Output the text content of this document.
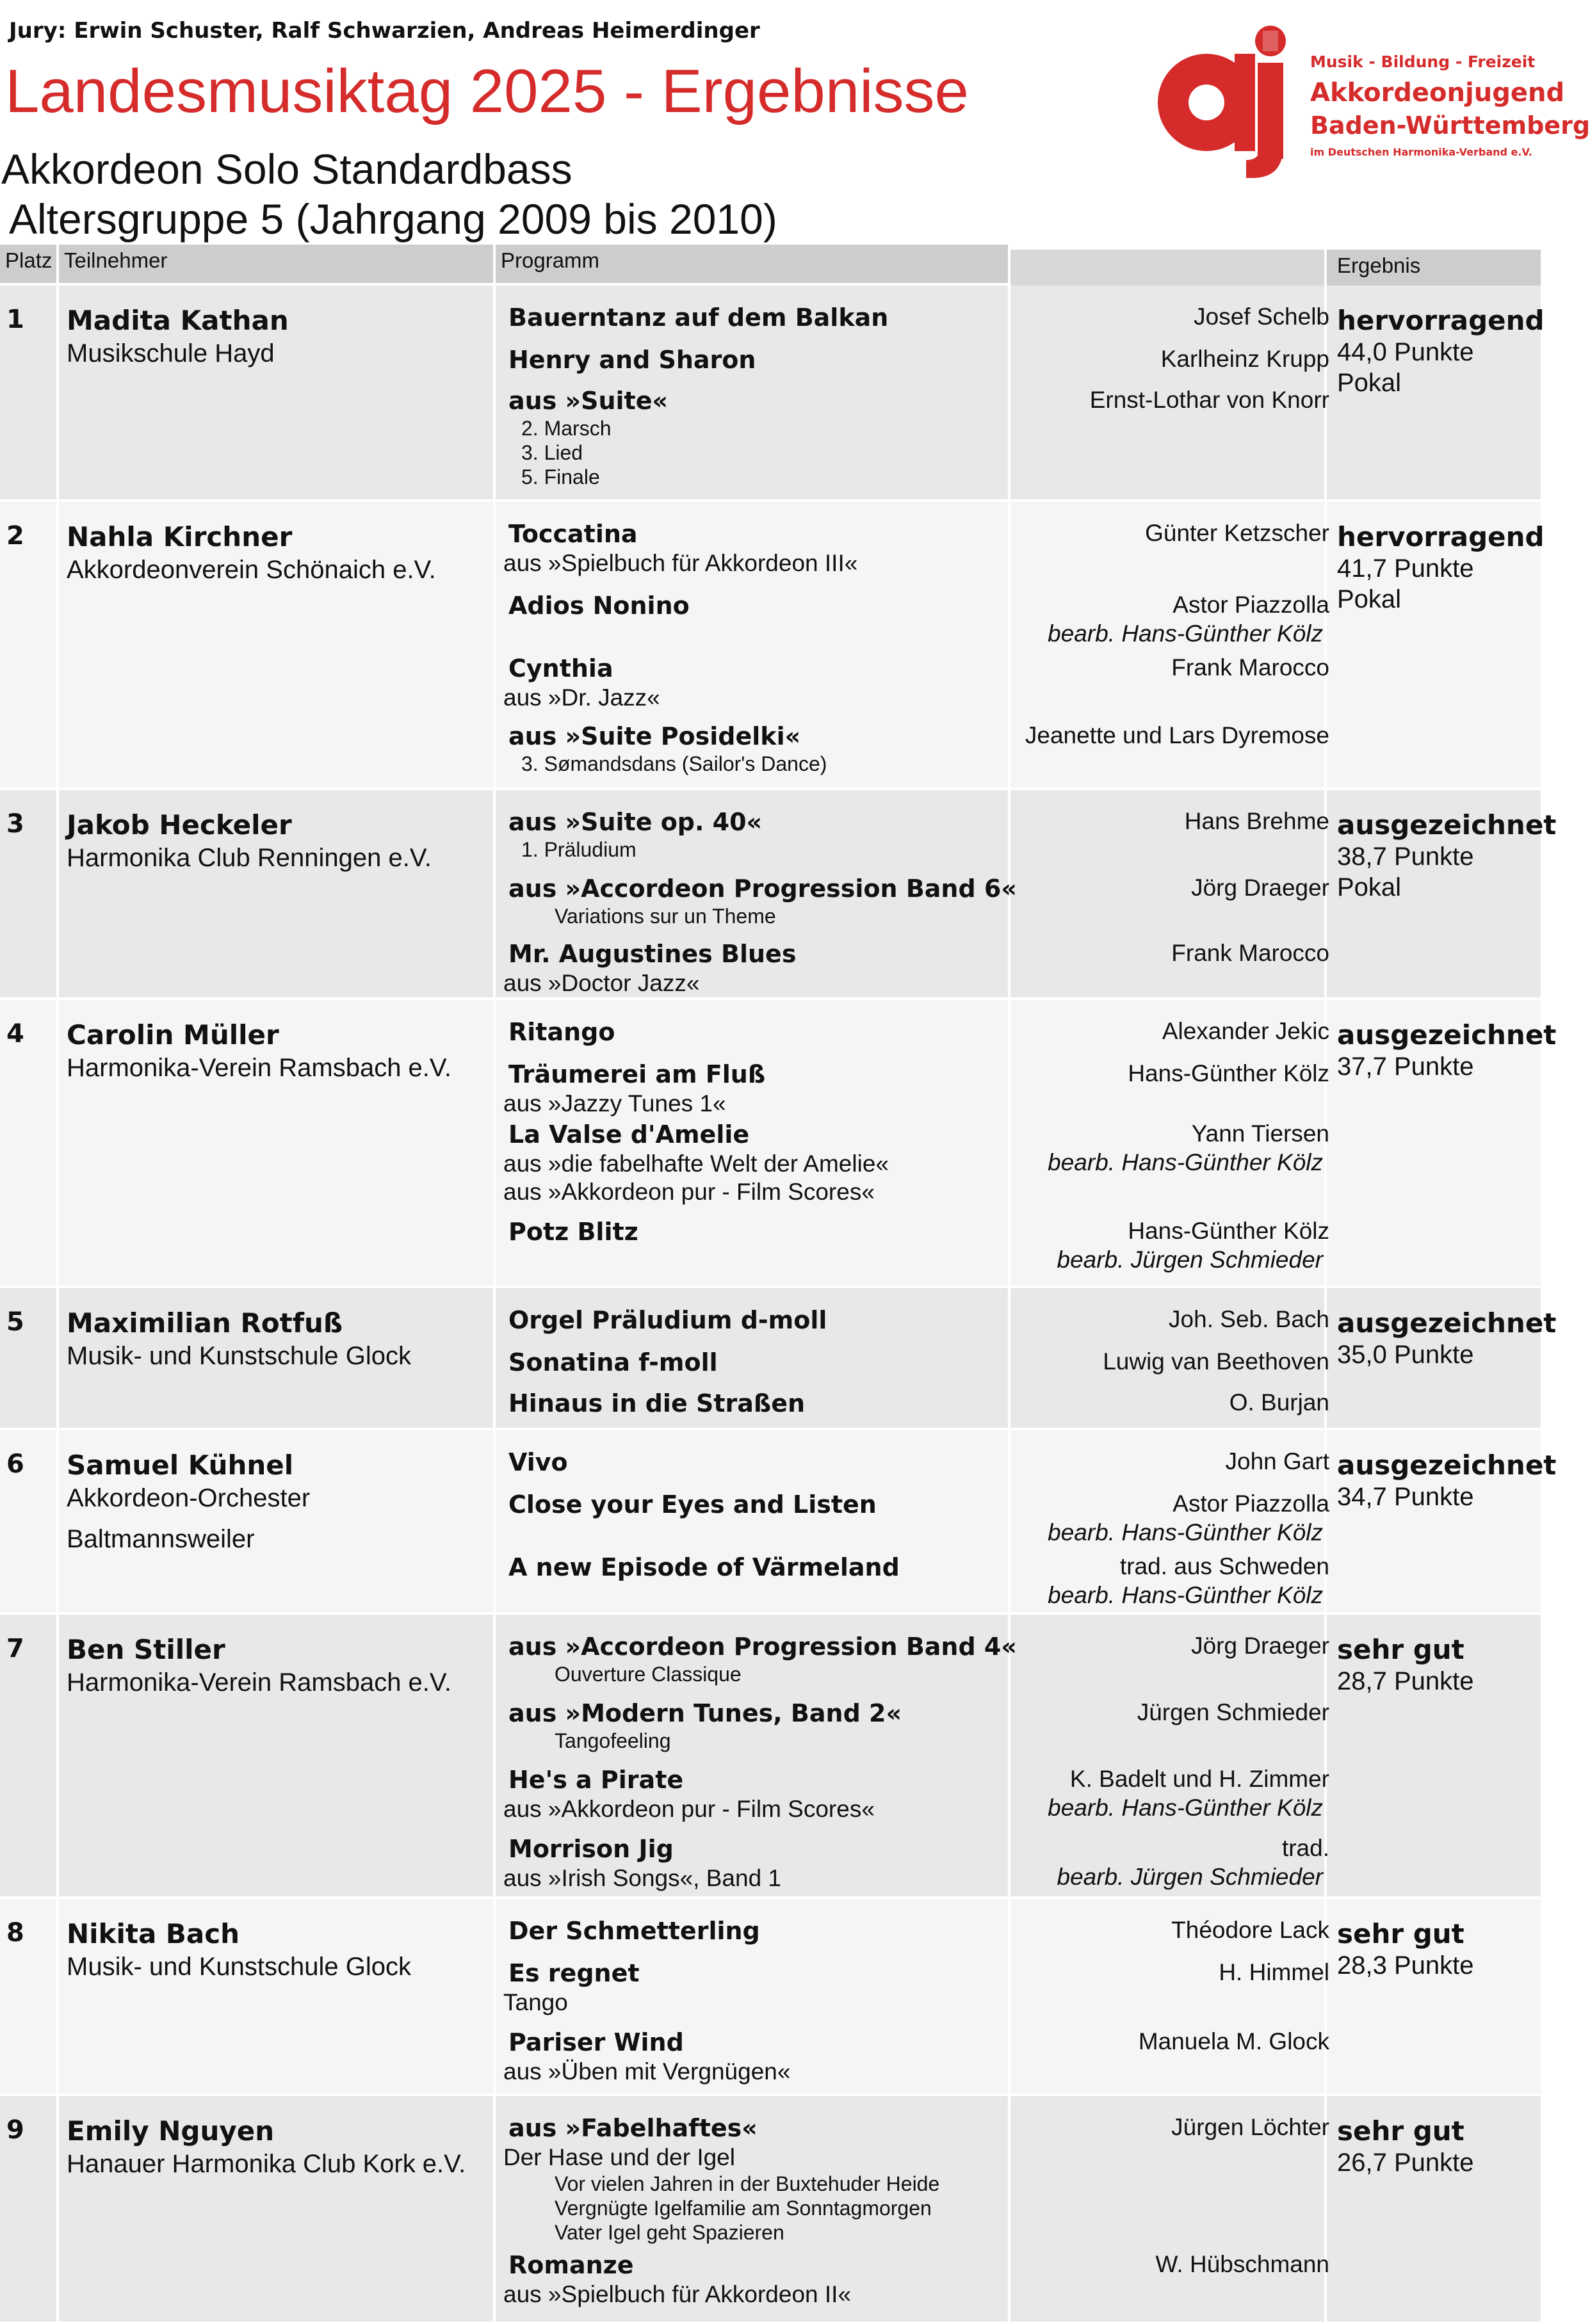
Jury: Erwin Schuster, Ralf Schwarzien, Andreas Heimerdinger
Landesmusiktag 2025 - Ergebnisse
Akkordeon Solo Standardbass
Altersgruppe 5 (Jahrgang 2009 bis 2010)
Musik - Bildung - Freizeit
Akkordeonjugend
Baden-Württemberg
im Deutschen Harmonika-Verband e.V.
Platz Teilnehmer	Programm	Ergebnis
1 Madita Kathan
Musikschule Hayd
Bauerntanz auf dem Balkan
Henry and Sharon
aus »Suite«
2. Marsch
3. Lied
5. Finale
Josef Schelb
Karlheinz Krupp
Ernst-Lothar von Knorr
hervorragend
44,0 Punkte
Pokal
2 Nahla Kirchner
Akkordeonverein Schönaich e.V.
Toccatina
aus »Spielbuch für Akkordeon III«
Adios Nonino
Cynthia
aus »Dr. Jazz«
aus »Suite Posidelki«
3. Sømandsdans (Sailor's Dance)
Günter Ketzscher
Astor Piazzolla
bearb. Hans-Günther Kölz
Frank Marocco
Jeanette und Lars Dyremose
hervorragend
41,7 Punkte
Pokal
3 Jakob Heckeler
Harmonika Club Renningen e.V.
aus »Suite op. 40«
1. Präludium
aus »Accordeon Progression Band 6«
Variations sur un Theme
Mr. Augustines Blues
aus »Doctor Jazz«
Hans Brehme
Jörg Draeger
Frank Marocco
ausgezeichnet
38,7 Punkte
Pokal
4 Carolin Müller
Harmonika-Verein Ramsbach e.V.
Ritango
Träumerei am Fluß
aus »Jazzy Tunes 1«
La Valse d'Amelie
aus »die fabelhafte Welt der Amelie«
aus »Akkordeon pur - Film Scores«
Potz Blitz
Alexander Jekic
Hans-Günther Kölz
Yann Tiersen
bearb. Hans-Günther Kölz
Hans-Günther Kölz
bearb. Jürgen Schmieder
ausgezeichnet
37,7 Punkte
5 Maximilian Rotfuß
Musik- und Kunstschule Glock
Orgel Präludium d-moll
Sonatina f-moll
Hinaus in die Straßen
Joh. Seb. Bach
Luwig van Beethoven
O. Burjan
ausgezeichnet
35,0 Punkte
6 Samuel Kühnel
Akkordeon-Orchester
Baltmannsweiler
Vivo
Close your Eyes and Listen
A new Episode of Värmeland
John Gart
Astor Piazzolla
bearb. Hans-Günther Kölz
trad. aus Schweden
bearb. Hans-Günther Kölz
ausgezeichnet
34,7 Punkte
7 Ben Stiller
Harmonika-Verein Ramsbach e.V.
aus »Accordeon Progression Band 4«
Ouverture Classique
aus »Modern Tunes, Band 2«
Tangofeeling
He's a Pirate
aus »Akkordeon pur - Film Scores«
Morrison Jig
aus »Irish Songs«, Band 1
Jörg Draeger
Jürgen Schmieder
K. Badelt und H. Zimmer
bearb. Hans-Günther Kölz
trad.
bearb. Jürgen Schmieder
sehr gut
28,7 Punkte
8 Nikita Bach
Musik- und Kunstschule Glock
Der Schmetterling
Es regnet
Tango
Pariser Wind
aus »Üben mit Vergnügen«
Théodore Lack
H. Himmel
Manuela M. Glock
sehr gut
28,3 Punkte
9 Emily Nguyen
Hanauer Harmonika Club Kork e.V.
aus »Fabelhaftes«
Der Hase und der Igel
Vor vielen Jahren in der Buxtehuder Heide
Vergnügte Igelfamilie am Sonntagmorgen
Vater Igel geht Spazieren
Romanze
aus »Spielbuch für Akkordeon II«
Jürgen Löchter
W. Hübschmann
sehr gut
26,7 Punkte
